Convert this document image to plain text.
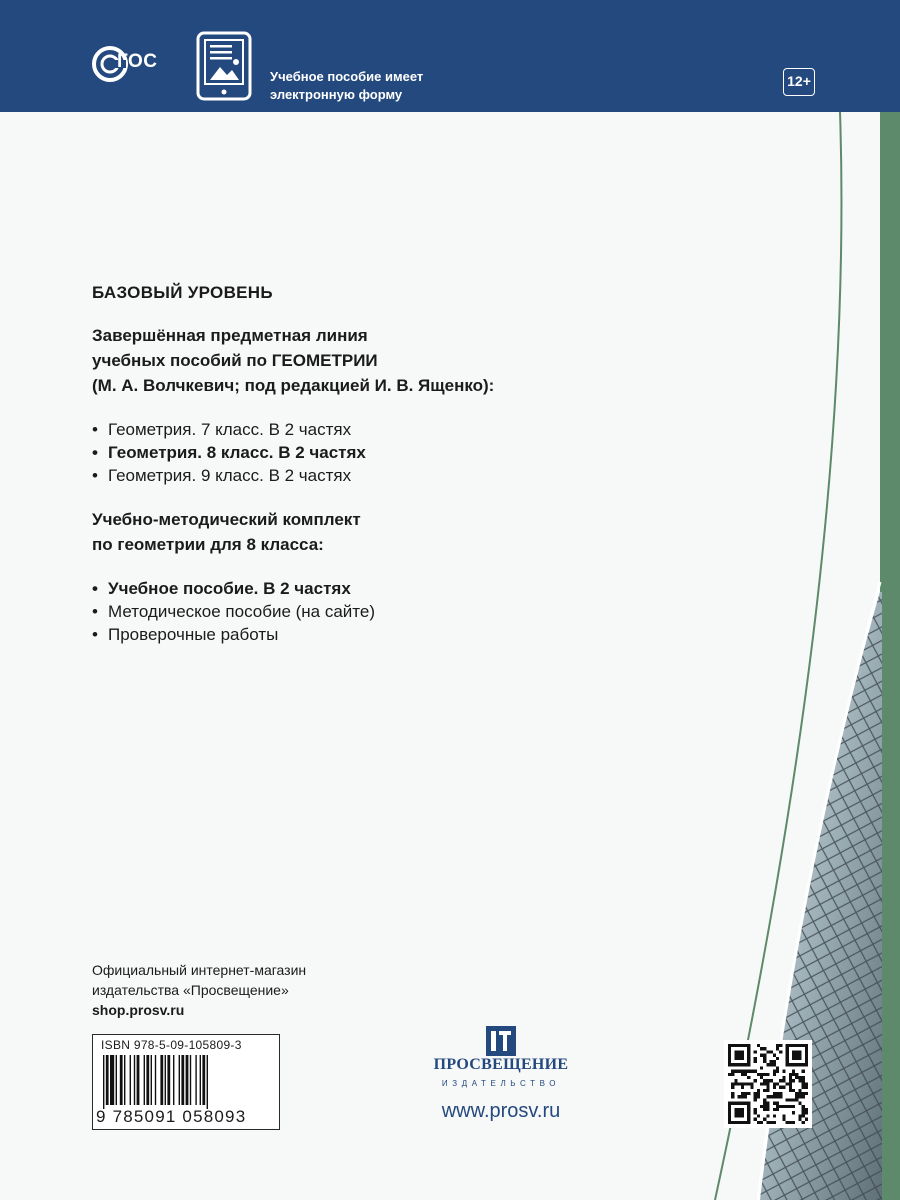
ГОС
Учебное пособие имеет
электронную форму
12+
БАЗОВЫЙ УРОВЕНЬ
Завершённая предметная линия
учебных пособий по ГЕОМЕТРИИ
(М. А. Волчкевич; под редакцией И. В. Ященко):
• Геометрия. 7 класс. В 2 частях
• Геометрия. 8 класс. В 2 частях
• Геометрия. 9 класс. В 2 частях
Учебно-методический комплект
по геометрии для 8 класса:
• Учебное пособие. В 2 частях
• Методическое пособие (на сайте)
• Проверочные работы
Официальный интернет-магазин
издательства «Просвещение»
shop.prosv.ru
ISBN 978-5-09-105809-3
9 785091 058093
ПРОСВЕЩЕНИЕ
ИЗДАТЕЛЬСТВО
www.prosv.ru
